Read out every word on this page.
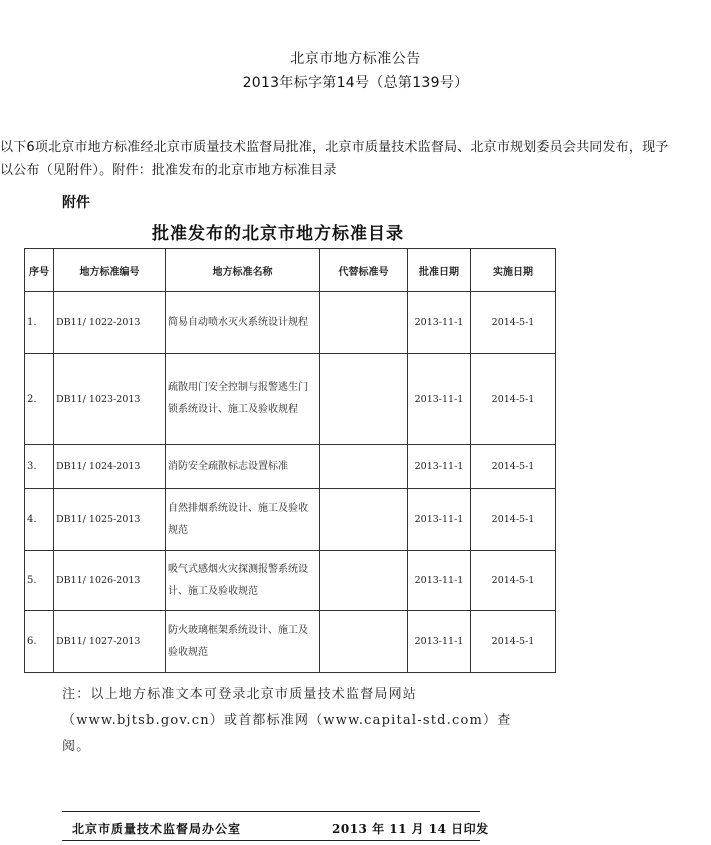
北京市地方标准公告
2013年标字第14号（总第139号）
以下6项北京市地方标准经北京市质量技术监督局批准，北京市质量技术监督局、北京市规划委员会共同发布，现予
以公布（见附件）。附件：批准发布的北京市地方标准目录
附件
批准发布的北京市地方标准目录
序号	地方标准编号	地方标准名称	代替标准号	批准日期	实施日期
1.	DB11/ 1022-2013	简易自动喷水灭火系统设计规程		2013-11-1	2014-5-1
2.	DB11/ 1023-2013	疏散用门安全控制与报警逃生门锁系统设计、施工及验收规程		2013-11-1	2014-5-1
3.	DB11/ 1024-2013	消防安全疏散标志设置标准		2013-11-1	2014-5-1
4.	DB11/ 1025-2013	自然排烟系统设计、施工及验收规范		2013-11-1	2014-5-1
5.	DB11/ 1026-2013	吸气式感烟火灾探测报警系统设计、施工及验收规范		2013-11-1	2014-5-1
6.	DB11/ 1027-2013	防火玻璃框架系统设计、施工及验收规范		2013-11-1	2014-5-1
注：以上地方标准文本可登录北京市质量技术监督局网站
（www.bjtsb.gov.cn）或首都标准网（www.capital-std.com）查
阅。
北京市质量技术监督局办公室	2013 年 11 月 14 日印发
